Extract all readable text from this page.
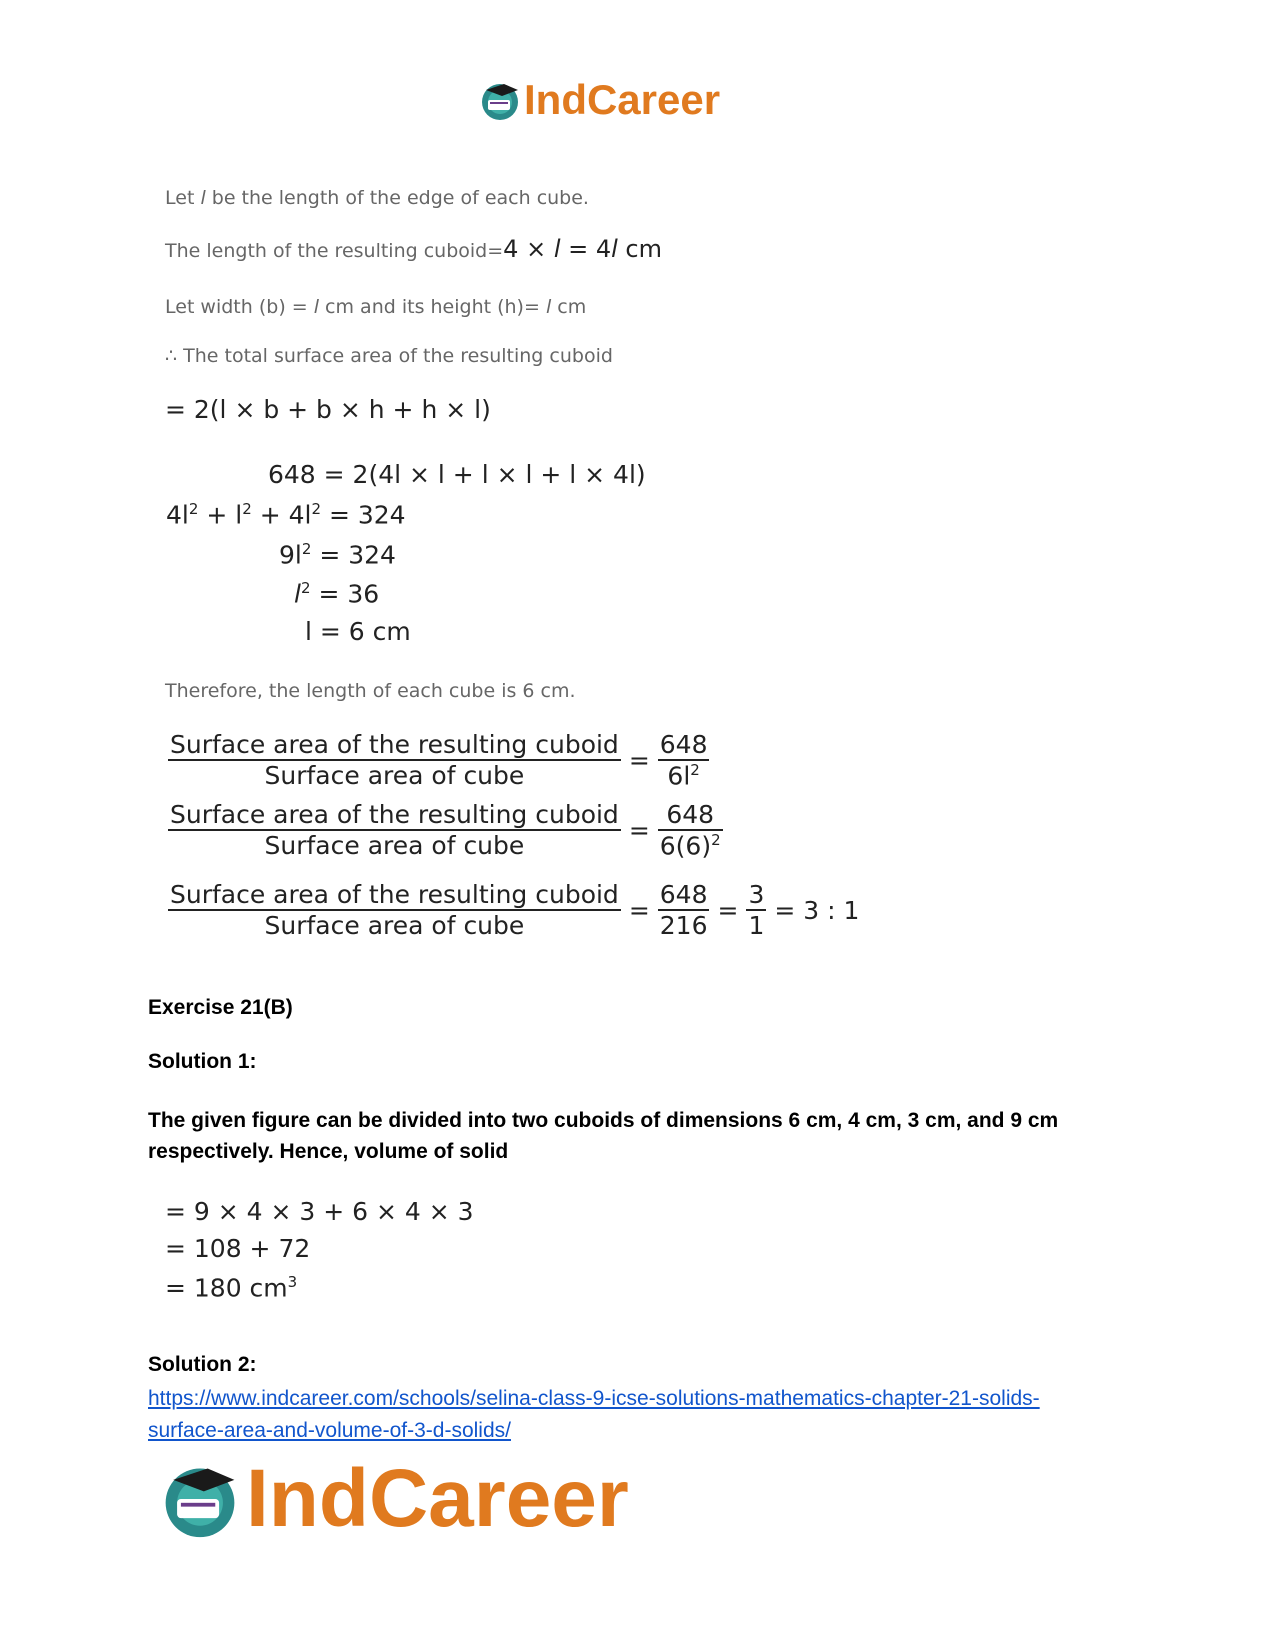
IndCareer
Let l be the length of the edge of each cube.
The length of the resulting cuboid= 4 × l = 4l cm
Let width (b) = l cm and its height (h)= l cm
∴ The total surface area of the resulting cuboid
= 2(l × b + b × h + h × l)
648 = 2(4l × l + l × l + l × 4l)
$4l^2 + l^2 + 4l^2 = 324$
$9l^2 = 324$
$l^2 = 36$
l = 6 cm
Therefore, the length of each cube is 6 cm.
$\frac{\text{Surface area of the resulting cuboid}}{\text{Surface area of cube}} = \frac{648}{6l^2}$
$\frac{\text{Surface area of the resulting cuboid}}{\text{Surface area of cube}} = \frac{648}{6(6)^2}$
$\frac{\text{Surface area of the resulting cuboid}}{\text{Surface area of cube}} = \frac{648}{216} = \frac{3}{1} = 3$ : 1
Exercise 21(B)
Solution 1:
The given figure can be divided into two cuboids of dimensions 6 cm, 4 cm, 3 cm, and 9 cm respectively. Hence, volume of solid
= 9 × 4 × 3 + 6 × 4 × 3
= 108 + 72
= 180 $cm^3$
Solution 2:
https://www.indcareer.com/schools/selina-class-9-icse-solutions-mathematics-chapter-21-solids-
surface-area-and-volume-of-3-d-solids/
IndCareer
